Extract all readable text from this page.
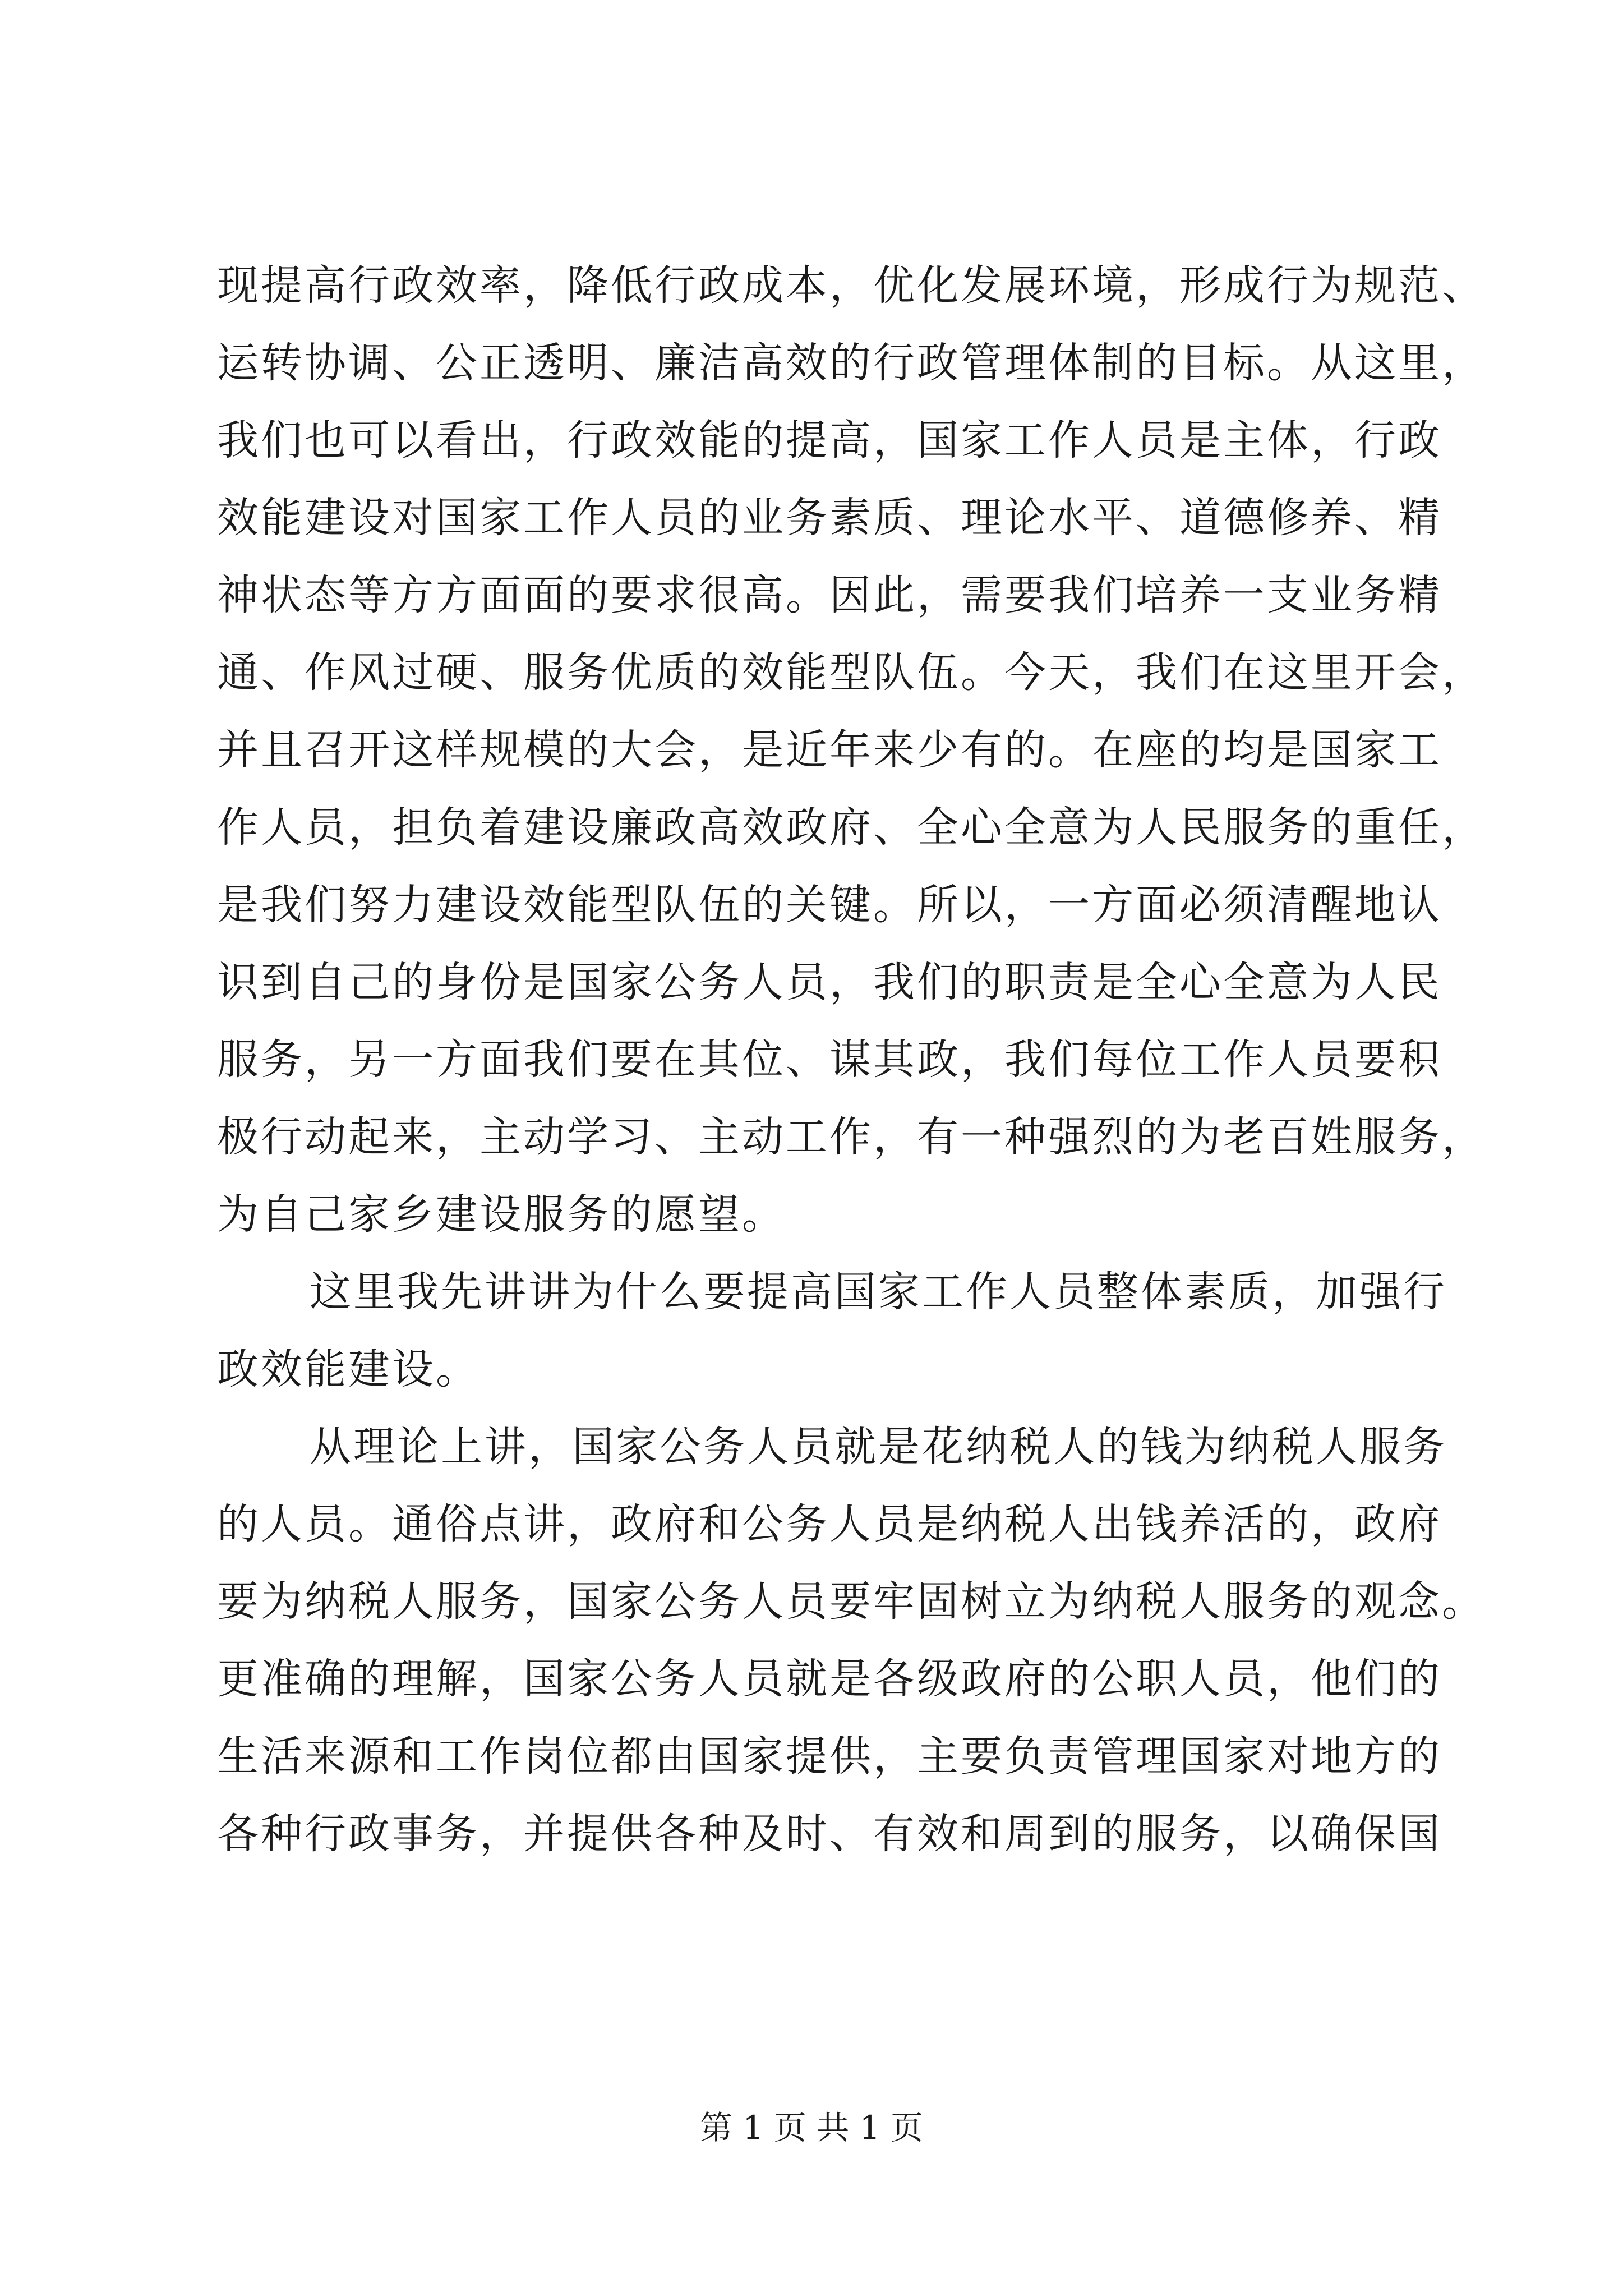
现提高行政效率，降低行政成本，优化发展环境，形成行为规范、
运转协调、公正透明、廉洁高效的行政管理体制的目标。从这里，
我们也可以看出，行政效能的提高，国家工作人员是主体，行政
效能建设对国家工作人员的业务素质、理论水平、道德修养、精
神状态等方方面面的要求很高。因此，需要我们培养一支业务精
通、作风过硬、服务优质的效能型队伍。今天，我们在这里开会，
并且召开这样规模的大会，是近年来少有的。在座的均是国家工
作人员，担负着建设廉政高效政府、全心全意为人民服务的重任，
是我们努力建设效能型队伍的关键。所以，一方面必须清醒地认
识到自己的身份是国家公务人员，我们的职责是全心全意为人民
服务，另一方面我们要在其位、谋其政，我们每位工作人员要积
极行动起来，主动学习、主动工作，有一种强烈的为老百姓服务，
为自己家乡建设服务的愿望。
这里我先讲讲为什么要提高国家工作人员整体素质，加强行
政效能建设。
从理论上讲，国家公务人员就是花纳税人的钱为纳税人服务
的人员。通俗点讲，政府和公务人员是纳税人出钱养活的，政府
要为纳税人服务，国家公务人员要牢固树立为纳税人服务的观念。
更准确的理解，国家公务人员就是各级政府的公职人员，他们的
生活来源和工作岗位都由国家提供，主要负责管理国家对地方的
各种行政事务，并提供各种及时、有效和周到的服务，以确保国
第 1 页 共 1 页
